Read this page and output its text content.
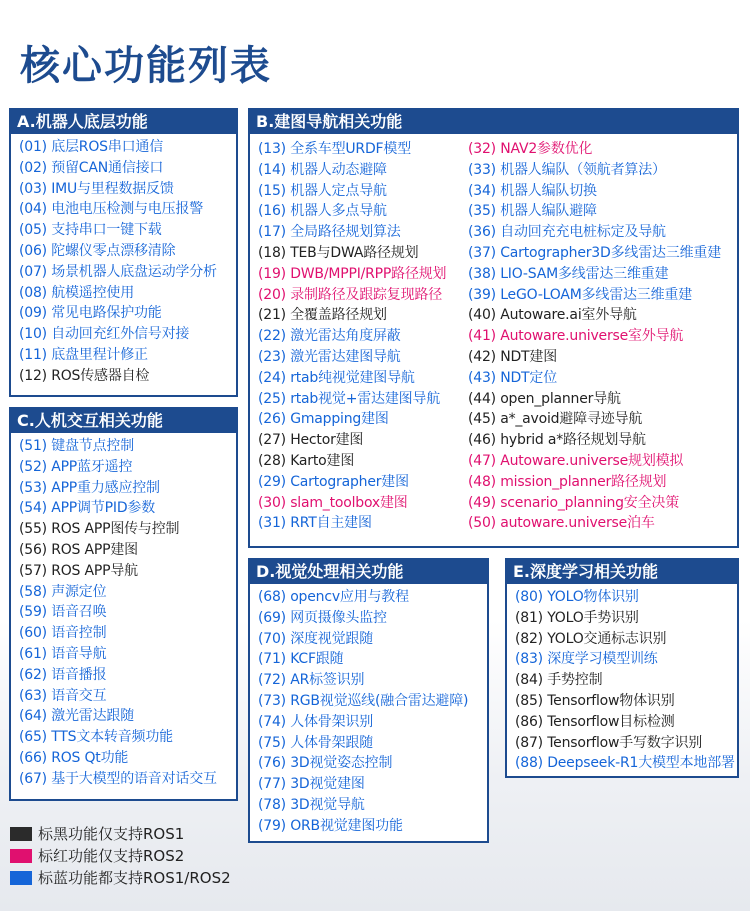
核心功能列表
A.机器人底层功能
(01) 底层ROS串口通信
(02) 预留CAN通信接口
(03) IMU与里程数据反馈
(04) 电池电压检测与电压报警
(05) 支持串口一键下载
(06) 陀螺仪零点漂移清除
(07) 场景机器人底盘运动学分析
(08) 航模遥控使用
(09) 常见电路保护功能
(10) 自动回充红外信号对接
(11) 底盘里程计修正
(12) ROS传感器自检
B.建图导航相关功能
(13) 全系车型URDF模型
(14) 机器人动态避障
(15) 机器人定点导航
(16) 机器人多点导航
(17) 全局路径规划算法
(18) TEB与DWA路径规划
(19) DWB/MPPI/RPP路径规划
(20) 录制路径及跟踪复现路径
(21) 全覆盖路径规划
(22) 激光雷达角度屏蔽
(23) 激光雷达建图导航
(24) rtab纯视觉建图导航
(25) rtab视觉+雷达建图导航
(26) Gmapping建图
(27) Hector建图
(28) Karto建图
(29) Cartographer建图
(30) slam_toolbox建图
(31) RRT自主建图
(32) NAV2参数优化
(33) 机器人编队（领航者算法）
(34) 机器人编队切换
(35) 机器人编队避障
(36) 自动回充充电桩标定及导航
(37) Cartographer3D多线雷达三维重建
(38) LIO-SAM多线雷达三维重建
(39) LeGO-LOAM多线雷达三维重建
(40) Autoware.ai室外导航
(41) Autoware.universe室外导航
(42) NDT建图
(43) NDT定位
(44) open_planner导航
(45) a*_avoid避障寻迹导航
(46) hybrid a*路径规划导航
(47) Autoware.universe规划模拟
(48) mission_planner路径规划
(49) scenario_planning安全决策
(50) autoware.universe泊车
C.人机交互相关功能
(51) 键盘节点控制
(52) APP蓝牙遥控
(53) APP重力感应控制
(54) APP调节PID参数
(55) ROS APP图传与控制
(56) ROS APP建图
(57) ROS APP导航
(58) 声源定位
(59) 语音召唤
(60) 语音控制
(61) 语音导航
(62) 语音播报
(63) 语音交互
(64) 激光雷达跟随
(65) TTS文本转音频功能
(66) ROS Qt功能
(67) 基于大模型的语音对话交互
D.视觉处理相关功能
(68) opencv应用与教程
(69) 网页摄像头监控
(70) 深度视觉跟随
(71) KCF跟随
(72) AR标签识别
(73) RGB视觉巡线(融合雷达避障)
(74) 人体骨架识别
(75) 人体骨架跟随
(76) 3D视觉姿态控制
(77) 3D视觉建图
(78) 3D视觉导航
(79) ORB视觉建图功能
E.深度学习相关功能
(80) YOLO物体识别
(81) YOLO手势识别
(82) YOLO交通标志识别
(83) 深度学习模型训练
(84) 手势控制
(85) Tensorflow物体识别
(86) Tensorflow目标检测
(87) Tensorflow手写数字识别
(88) Deepseek-R1大模型本地部署
标黑功能仅支持ROS1
标红功能仅支持ROS2
标蓝功能都支持ROS1/ROS2
